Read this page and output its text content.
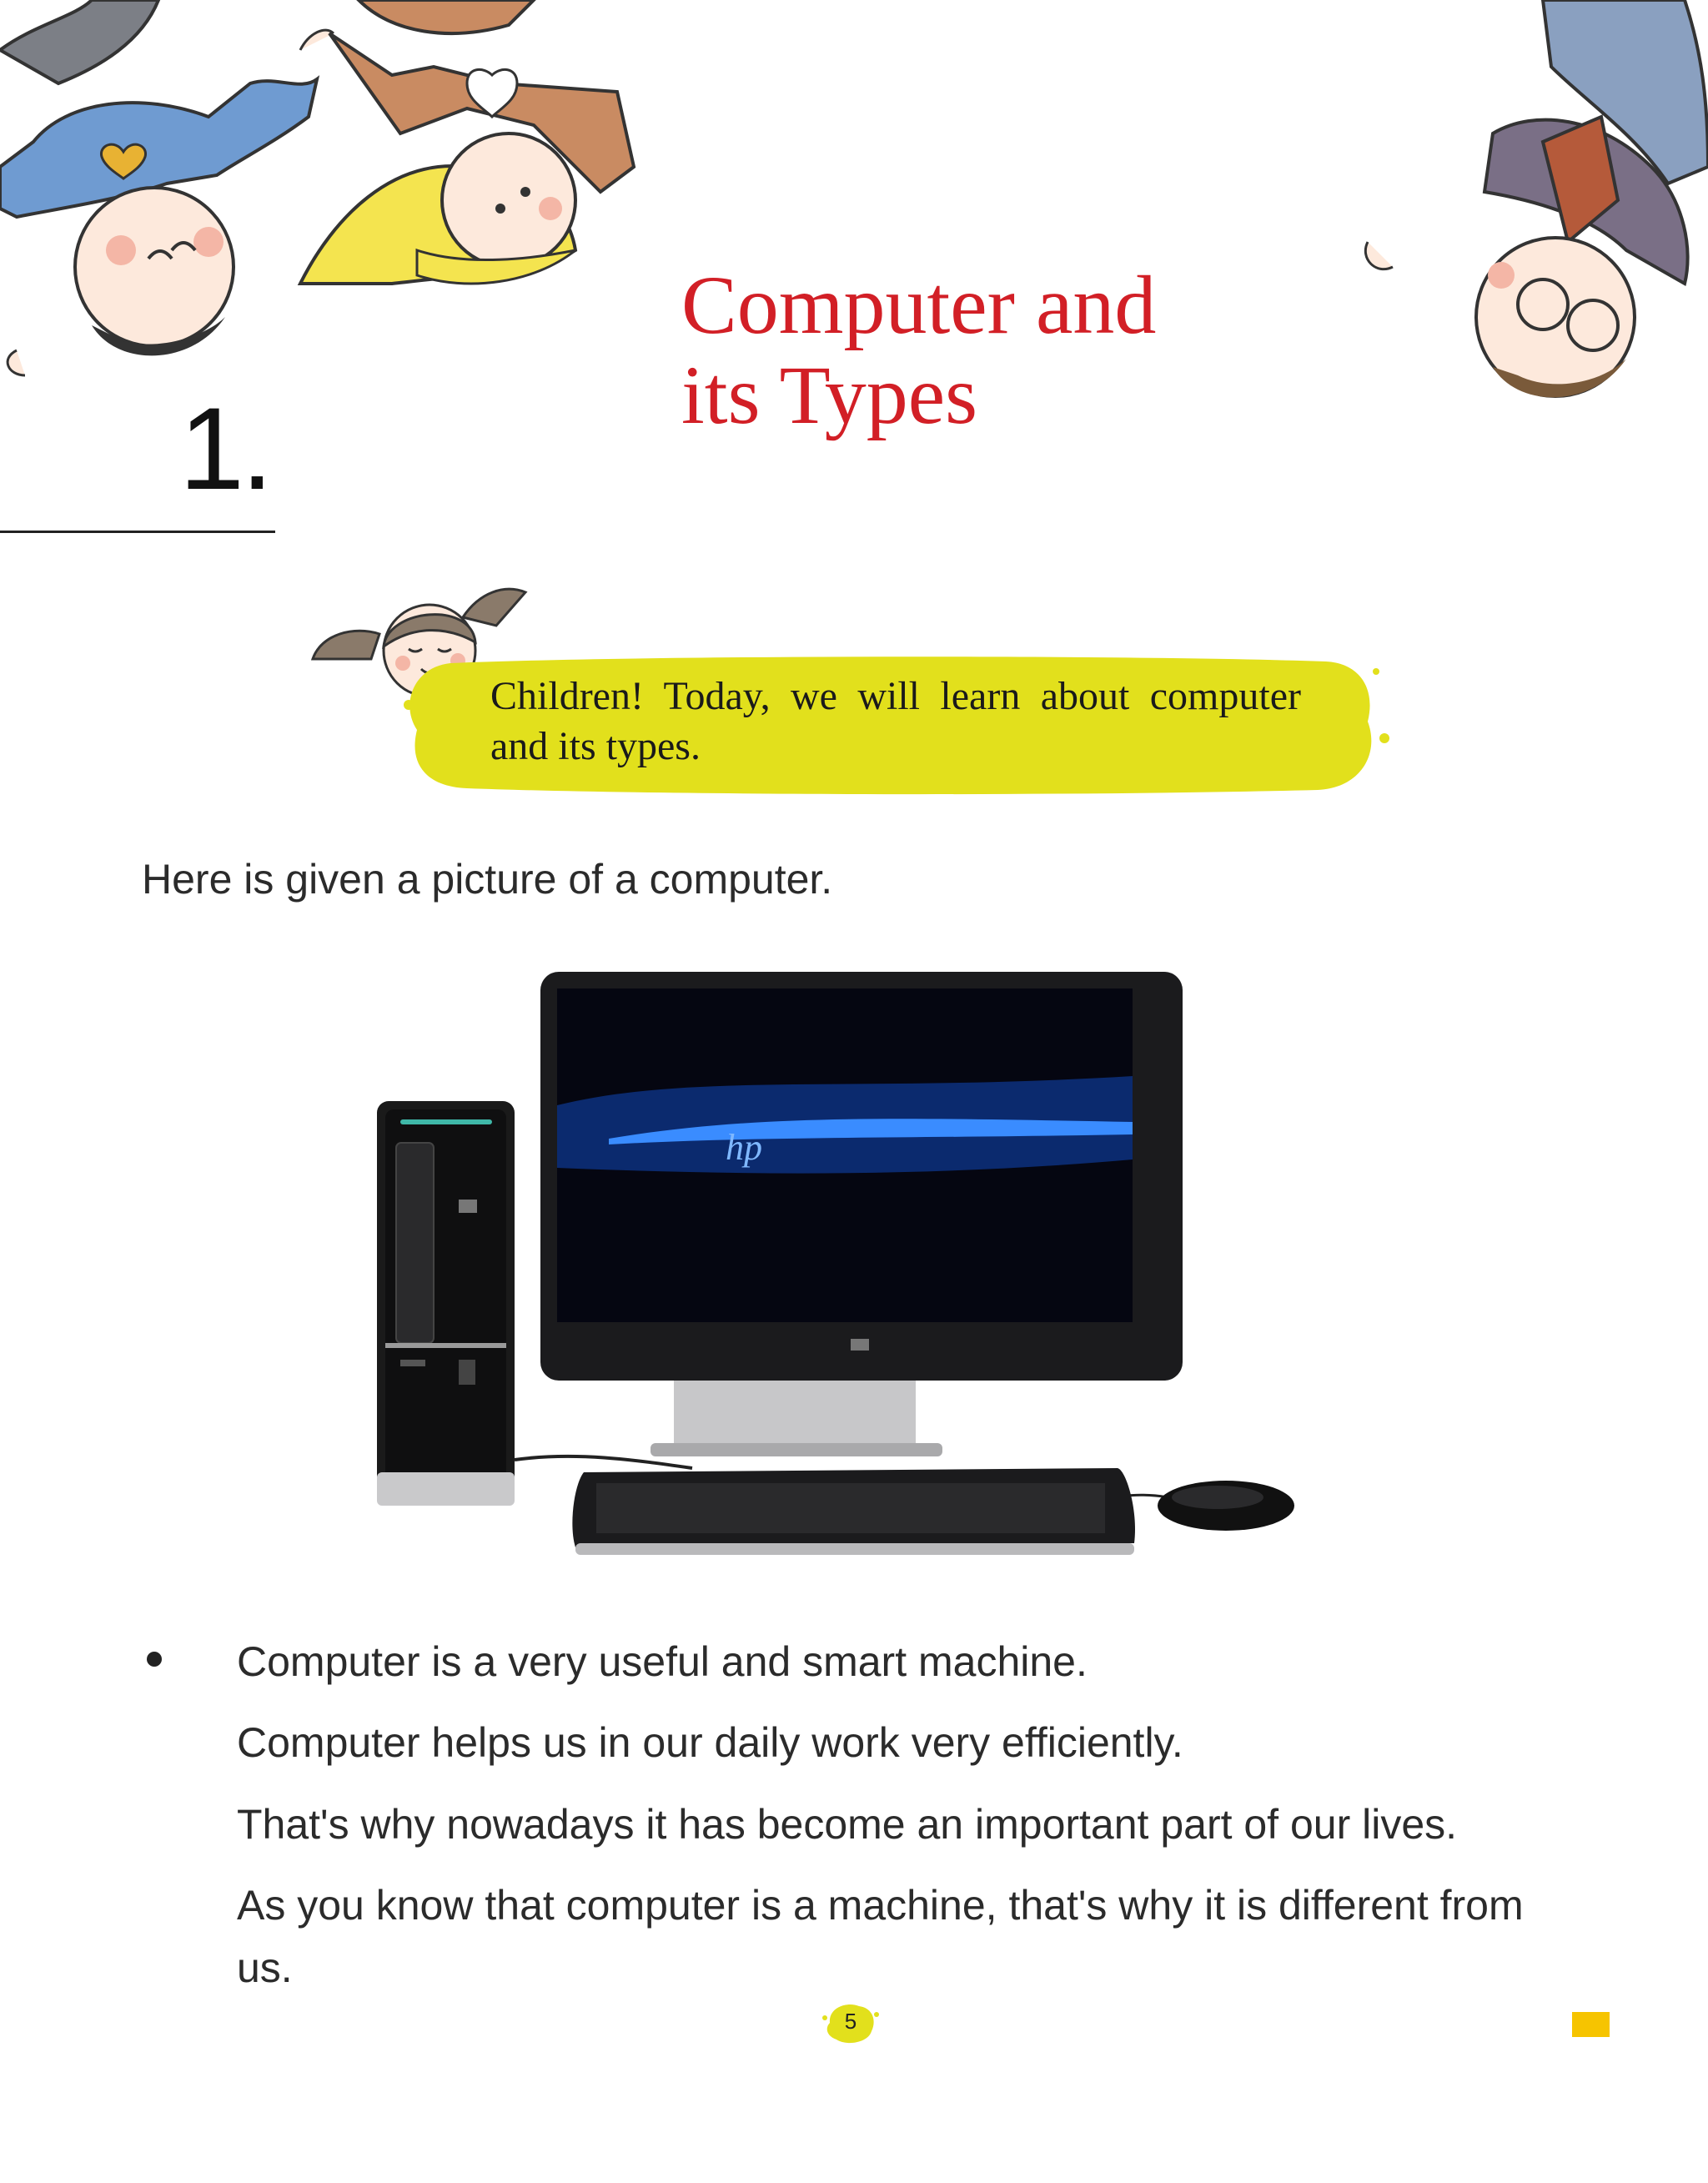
1.
Computer and
its Types
Children! Today, we will learn about computer and its types.
Here is given a picture of a computer.
hp
Computer is a very useful and smart machine.
Computer helps us in our daily work very efficiently.
That's why nowadays it has become an important part of our lives.
As you know that computer is a machine, that's why it is different from us.
5
